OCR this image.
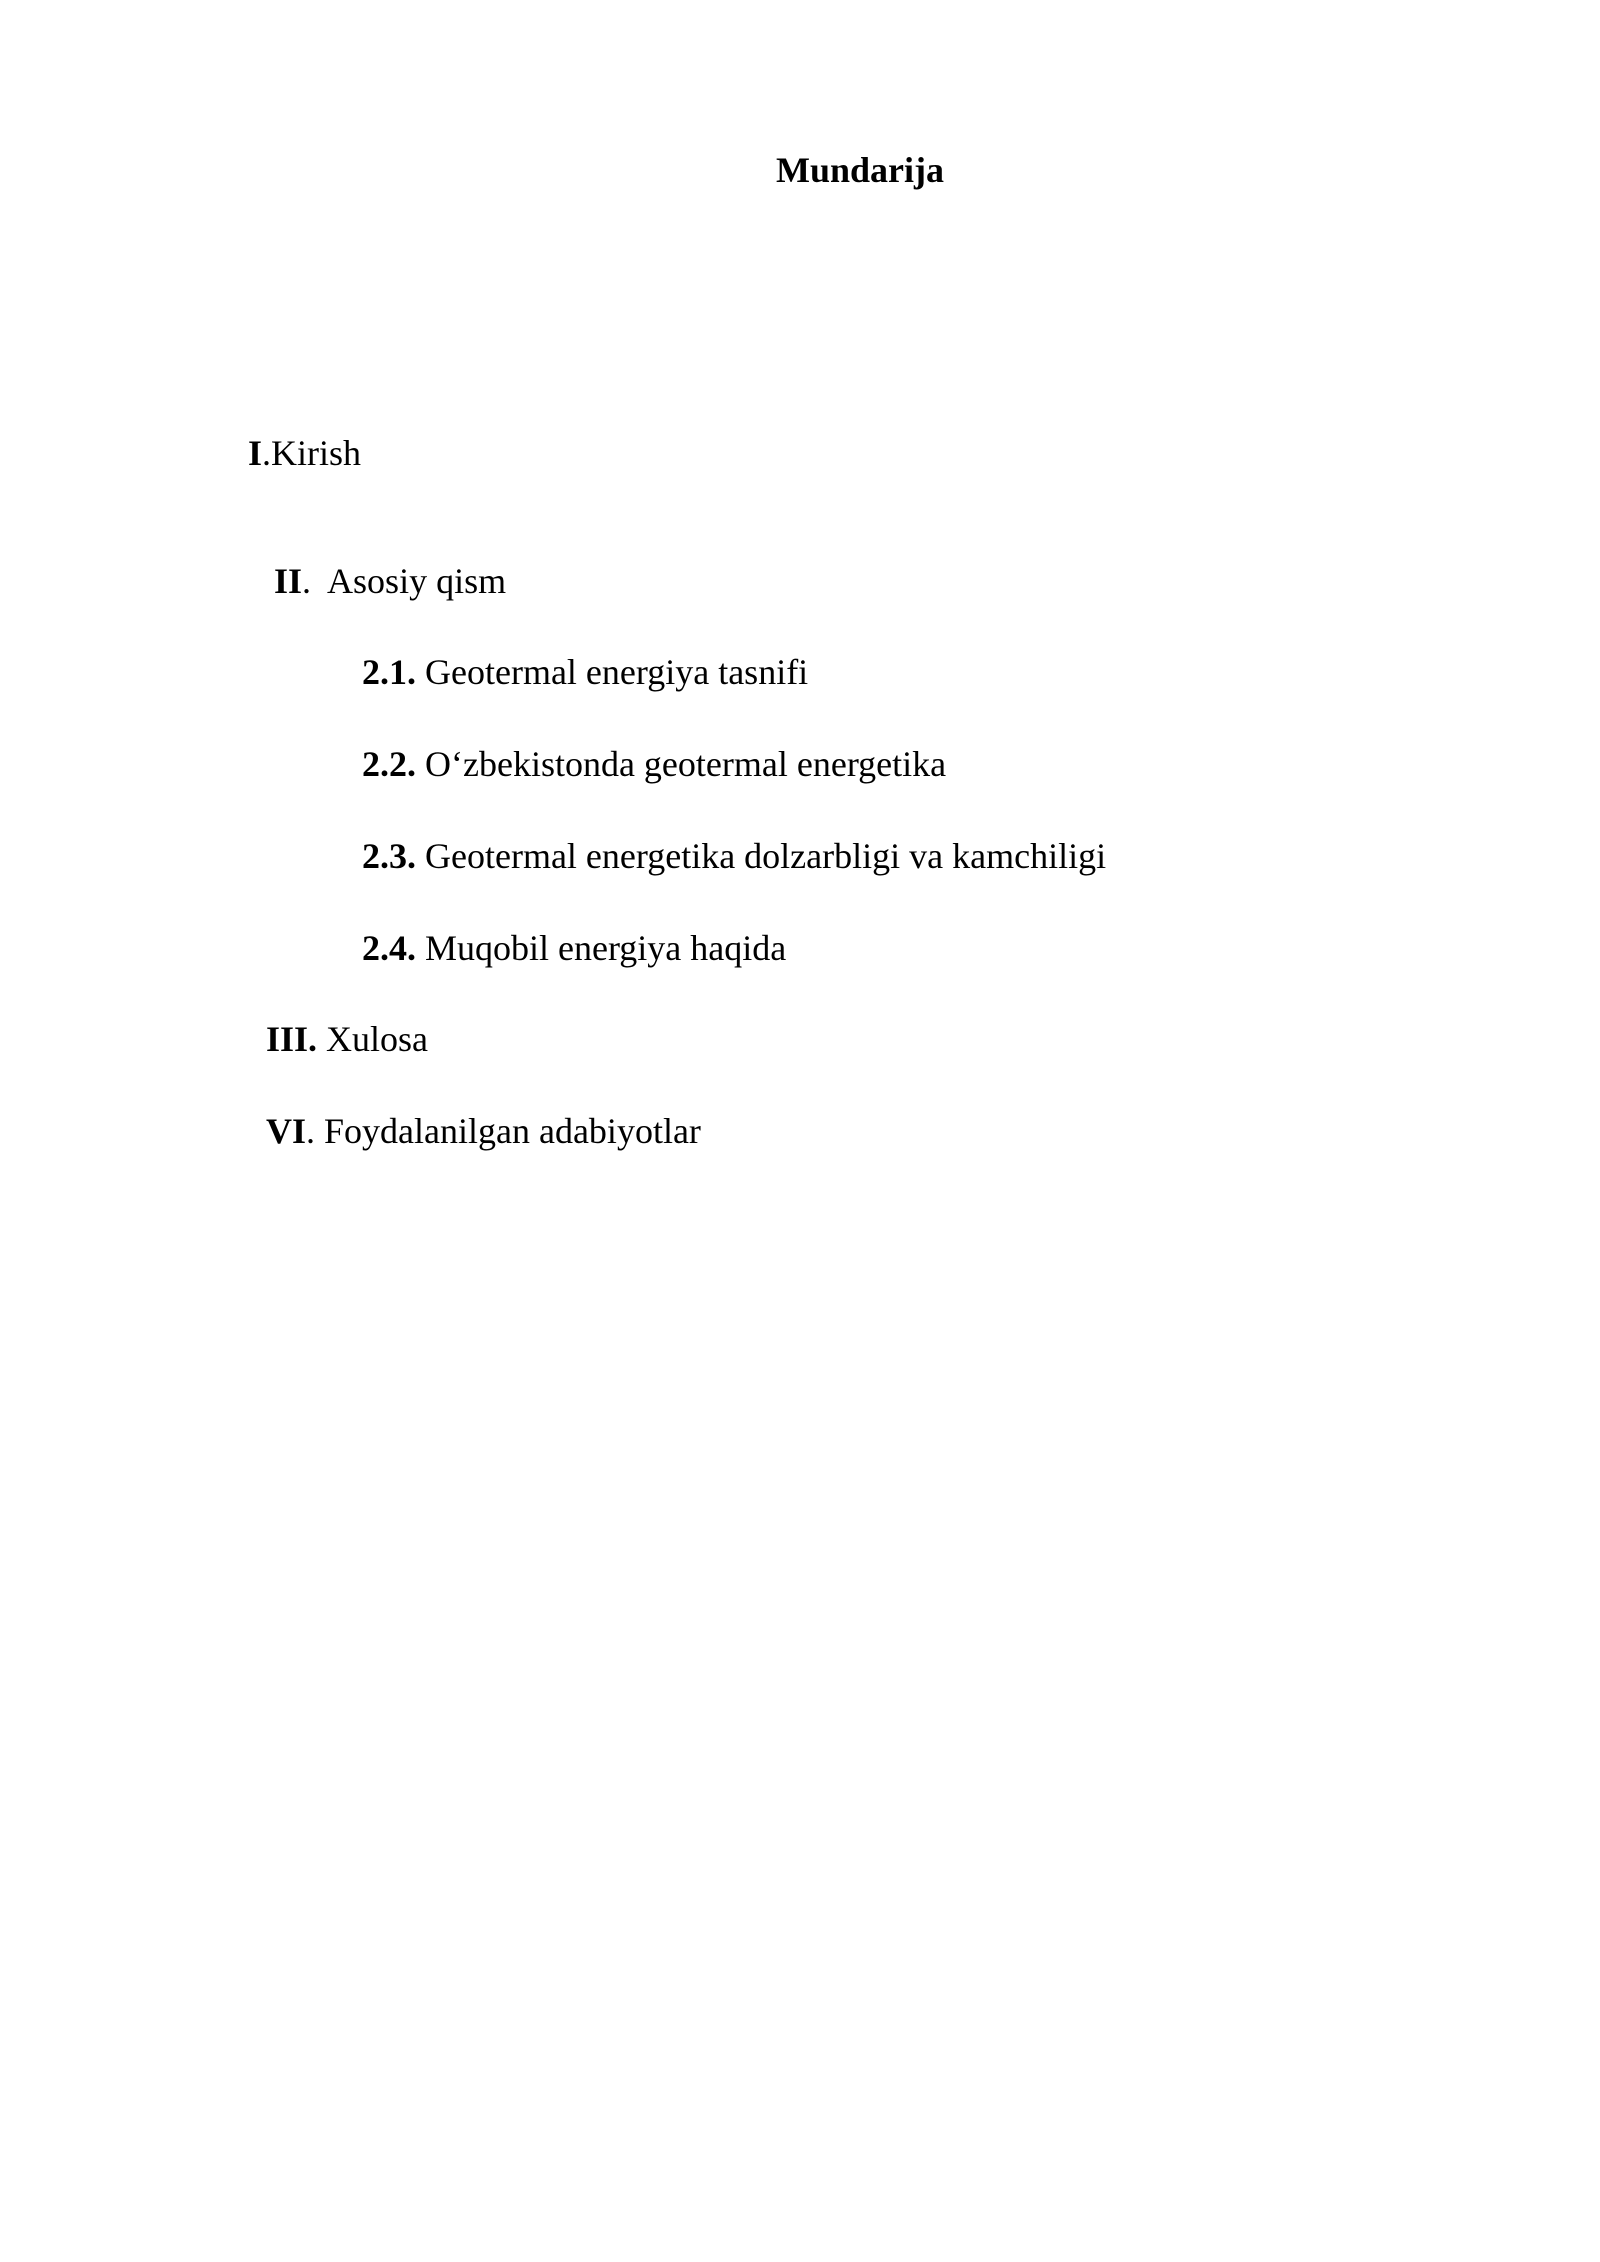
Mundarija
I.Kirish

II.  Asosiy qism

2.1. Geotermal energiya tasnifi

2.2. O‘zbekistonda geotermal energetika

2.3. Geotermal energetika dolzarbligi va kamchiligi

2.4. Muqobil energiya haqida

III. Xulosa

VI. Foydalanilgan adabiyotlar
